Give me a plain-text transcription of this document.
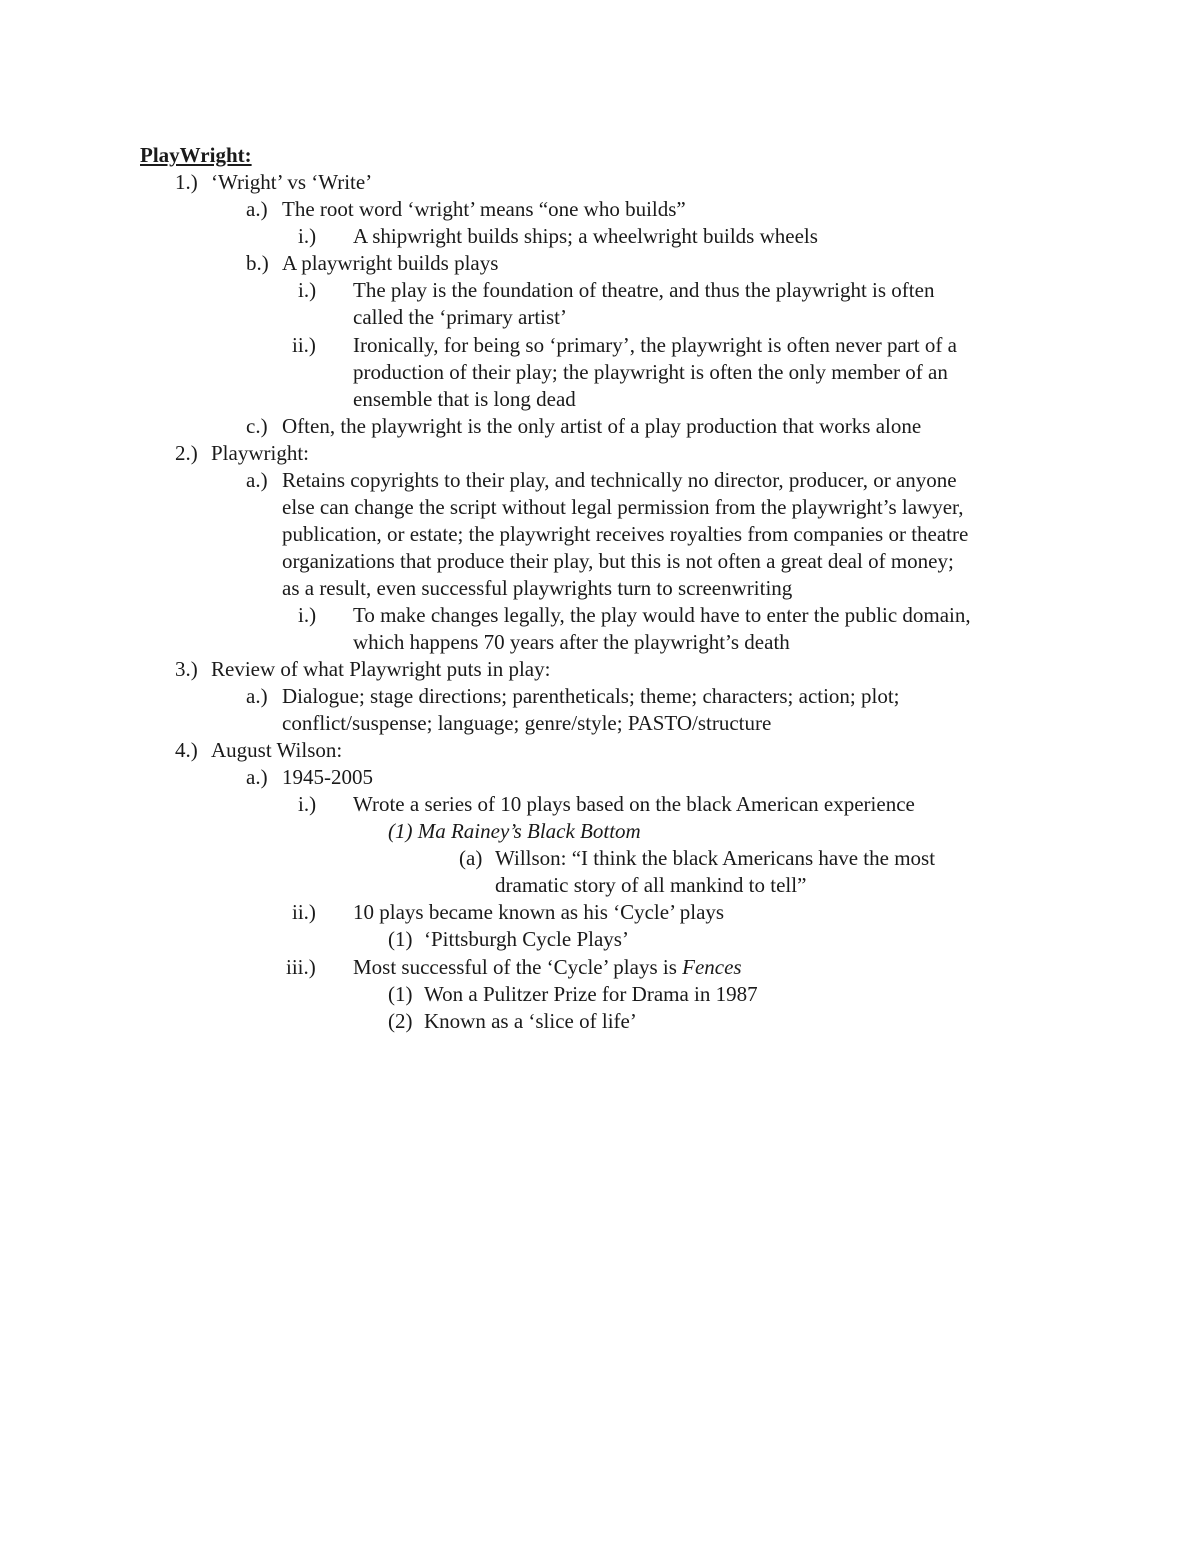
PlayWright:
1.) ‘Wright’ vs ‘Write’
a.) The root word ‘wright’ means “one who builds”
i.) A shipwright builds ships; a wheelwright builds wheels
b.) A playwright builds plays
i.) The play is the foundation of theatre, and thus the playwright is often
called the ‘primary artist’
ii.) Ironically, for being so ‘primary’, the playwright is often never part of a
production of their play; the playwright is often the only member of an
ensemble that is long dead
c.) Often, the playwright is the only artist of a play production that works alone
2.) Playwright:
a.) Retains copyrights to their play, and technically no director, producer, or anyone
else can change the script without legal permission from the playwright’s lawyer,
publication, or estate; the playwright receives royalties from companies or theatre
organizations that produce their play, but this is not often a great deal of money;
as a result, even successful playwrights turn to screenwriting
i.) To make changes legally, the play would have to enter the public domain,
which happens 70 years after the playwright’s death
3.) Review of what Playwright puts in play:
a.) Dialogue; stage directions; parentheticals; theme; characters; action; plot;
conflict/suspense; language; genre/style; PASTO/structure
4.) August Wilson:
a.) 1945-2005
i.) Wrote a series of 10 plays based on the black American experience
(1) Ma Rainey’s Black Bottom
(a) Willson: “I think the black Americans have the most
dramatic story of all mankind to tell”
ii.) 10 plays became known as his ‘Cycle’ plays
(1) ‘Pittsburgh Cycle Plays’
iii.) Most successful of the ‘Cycle’ plays is Fences
(1) Won a Pulitzer Prize for Drama in 1987
(2) Known as a ‘slice of life’
